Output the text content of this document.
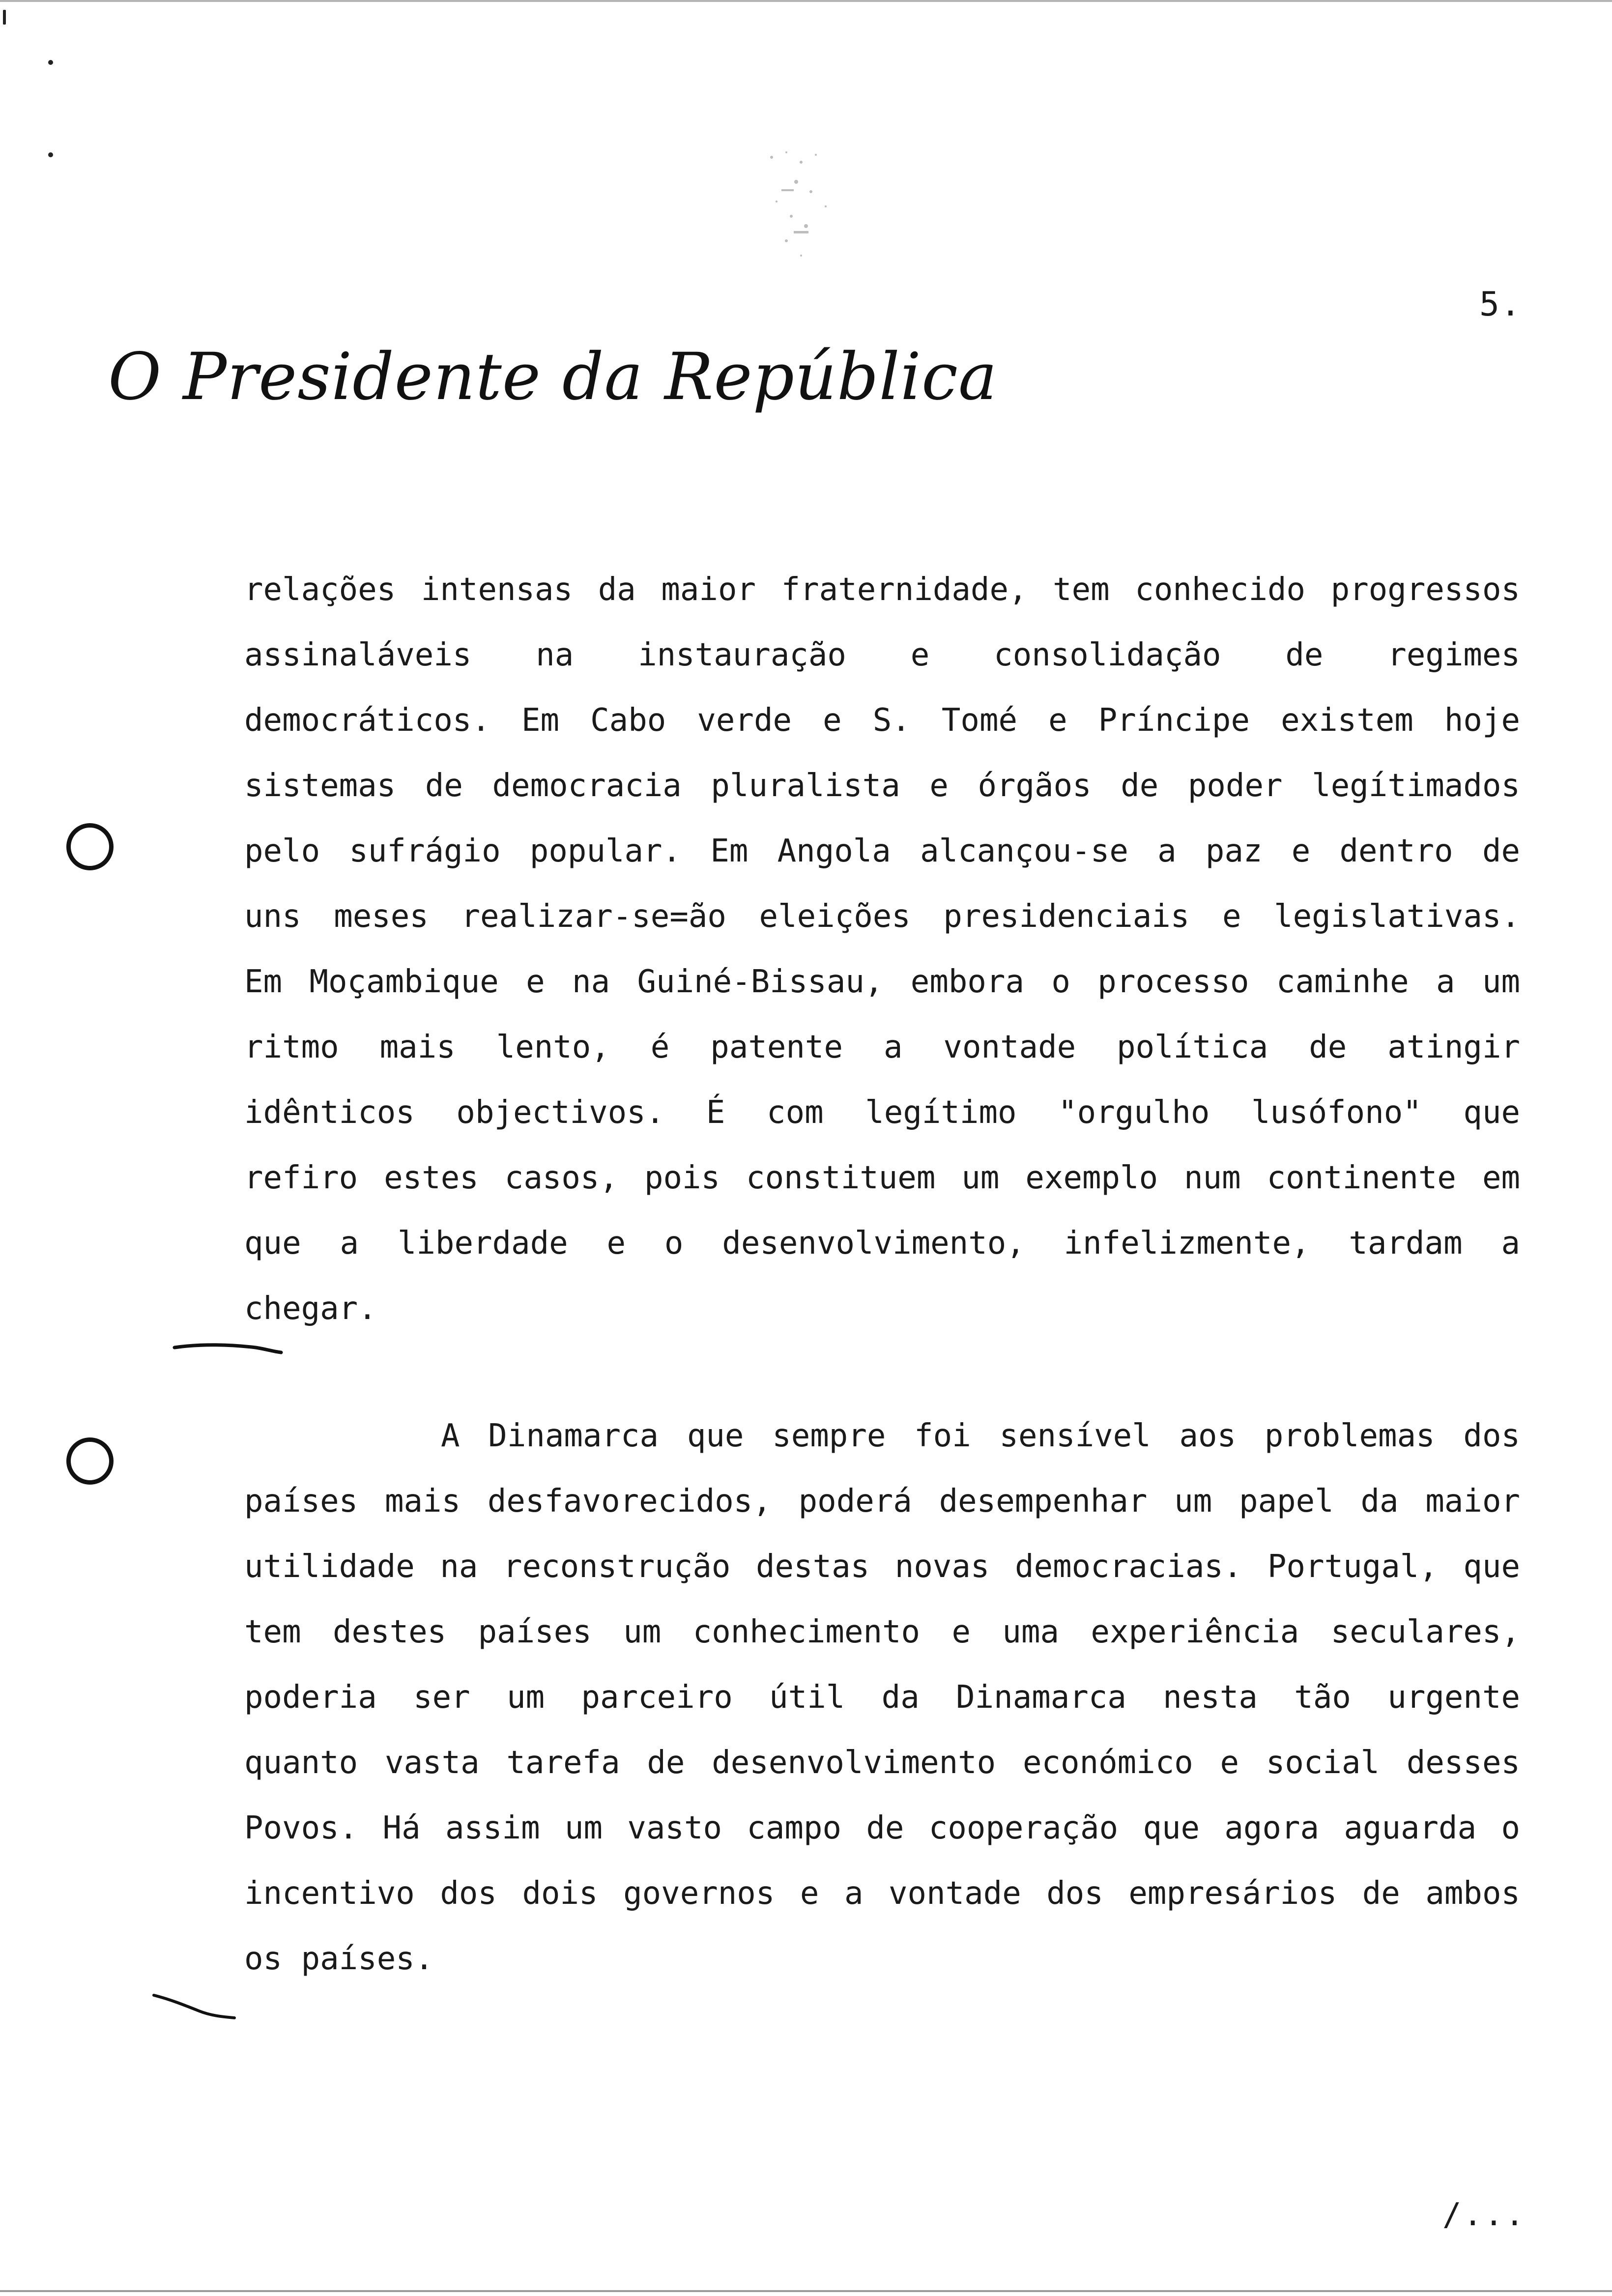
5.
O Presidente da República
relações intensas da maior fraternidade, tem conhecido progressos
assinaláveis na instauração e consolidação de regimes
democráticos. Em Cabo verde e S. Tomé e Príncipe existem hoje
sistemas de democracia pluralista e órgãos de poder legítimados
pelo sufrágio popular. Em Angola alcançou-se a paz e dentro de
uns meses realizar-se=ão eleições presidenciais e legislativas.
Em Moçambique e na Guiné-Bissau, embora o processo caminhe a um
ritmo mais lento, é patente a vontade política de atingir
idênticos objectivos. É com legítimo "orgulho lusófono" que
refiro estes casos, pois constituem um exemplo num continente em
que a liberdade e o desenvolvimento, infelizmente, tardam a
chegar.
A Dinamarca que sempre foi sensível aos problemas dos
países mais desfavorecidos, poderá desempenhar um papel da maior
utilidade na reconstrução destas novas democracias. Portugal, que
tem destes países um conhecimento e uma experiência seculares,
poderia ser um parceiro útil da Dinamarca nesta tão urgente
quanto vasta tarefa de desenvolvimento económico e social desses
Povos. Há assim um vasto campo de cooperação que agora aguarda o
incentivo dos dois governos e a vontade dos empresários de ambos
os países.
/...
